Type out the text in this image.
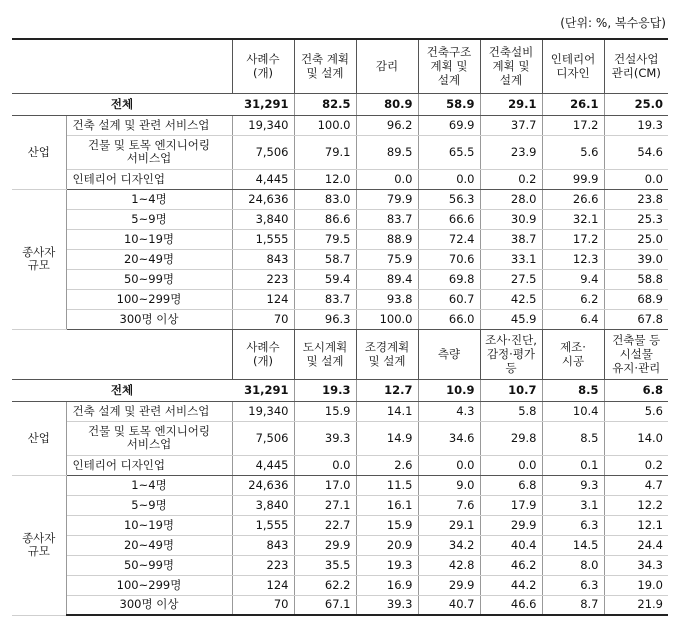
(단위: %, 복수응답)
		사례수
(개)	건축 계획
및 설계	감리	건축구조
계획 및
설계	건축설비
계획 및
설계	인테리어
디자인	건설사업
관리(CM)
전체		31,291	82.5	80.9	58.9	29.1	26.1	25.0
산업	건축 설계 및 관련 서비스업	19,340	100.0	96.2	69.9	37.7	17.2	19.3
	건물 및 토목 엔지니어링
서비스업	7,506	79.1	89.5	65.5	23.9	5.6	54.6
	인테리어 디자인업	4,445	12.0	0.0	0.0	0.2	99.9	0.0
종사자
규모	1~4명	24,636	83.0	79.9	56.3	28.0	26.6	23.8
	5~9명	3,840	86.6	83.7	66.6	30.9	32.1	25.3
	10~19명	1,555	79.5	88.9	72.4	38.7	17.2	25.0
	20~49명	843	58.7	75.9	70.6	33.1	12.3	39.0
	50~99명	223	59.4	89.4	69.8	27.5	9.4	58.8
	100~299명	124	83.7	93.8	60.7	42.5	6.2	68.9
	300명 이상	70	96.3	100.0	66.0	45.9	6.4	67.8
		사례수
(개)	도시계획
및 설계	조경계획
및 설계	측량	조사·진단,
감정·평가
등	제조·
시공	건축물 등
시설물
유지·관리
전체		31,291	19.3	12.7	10.9	10.7	8.5	6.8
산업	건축 설계 및 관련 서비스업	19,340	15.9	14.1	4.3	5.8	10.4	5.6
	건물 및 토목 엔지니어링
서비스업	7,506	39.3	14.9	34.6	29.8	8.5	14.0
	인테리어 디자인업	4,445	0.0	2.6	0.0	0.0	0.1	0.2
종사자
규모	1~4명	24,636	17.0	11.5	9.0	6.8	9.3	4.7
	5~9명	3,840	27.1	16.1	7.6	17.9	3.1	12.2
	10~19명	1,555	22.7	15.9	29.1	29.9	6.3	12.1
	20~49명	843	29.9	20.9	34.2	40.4	14.5	24.4
	50~99명	223	35.5	19.3	42.8	46.2	8.0	34.3
	100~299명	124	62.2	16.9	29.9	44.2	6.3	19.0
	300명 이상	70	67.1	39.3	40.7	46.6	8.7	21.9
